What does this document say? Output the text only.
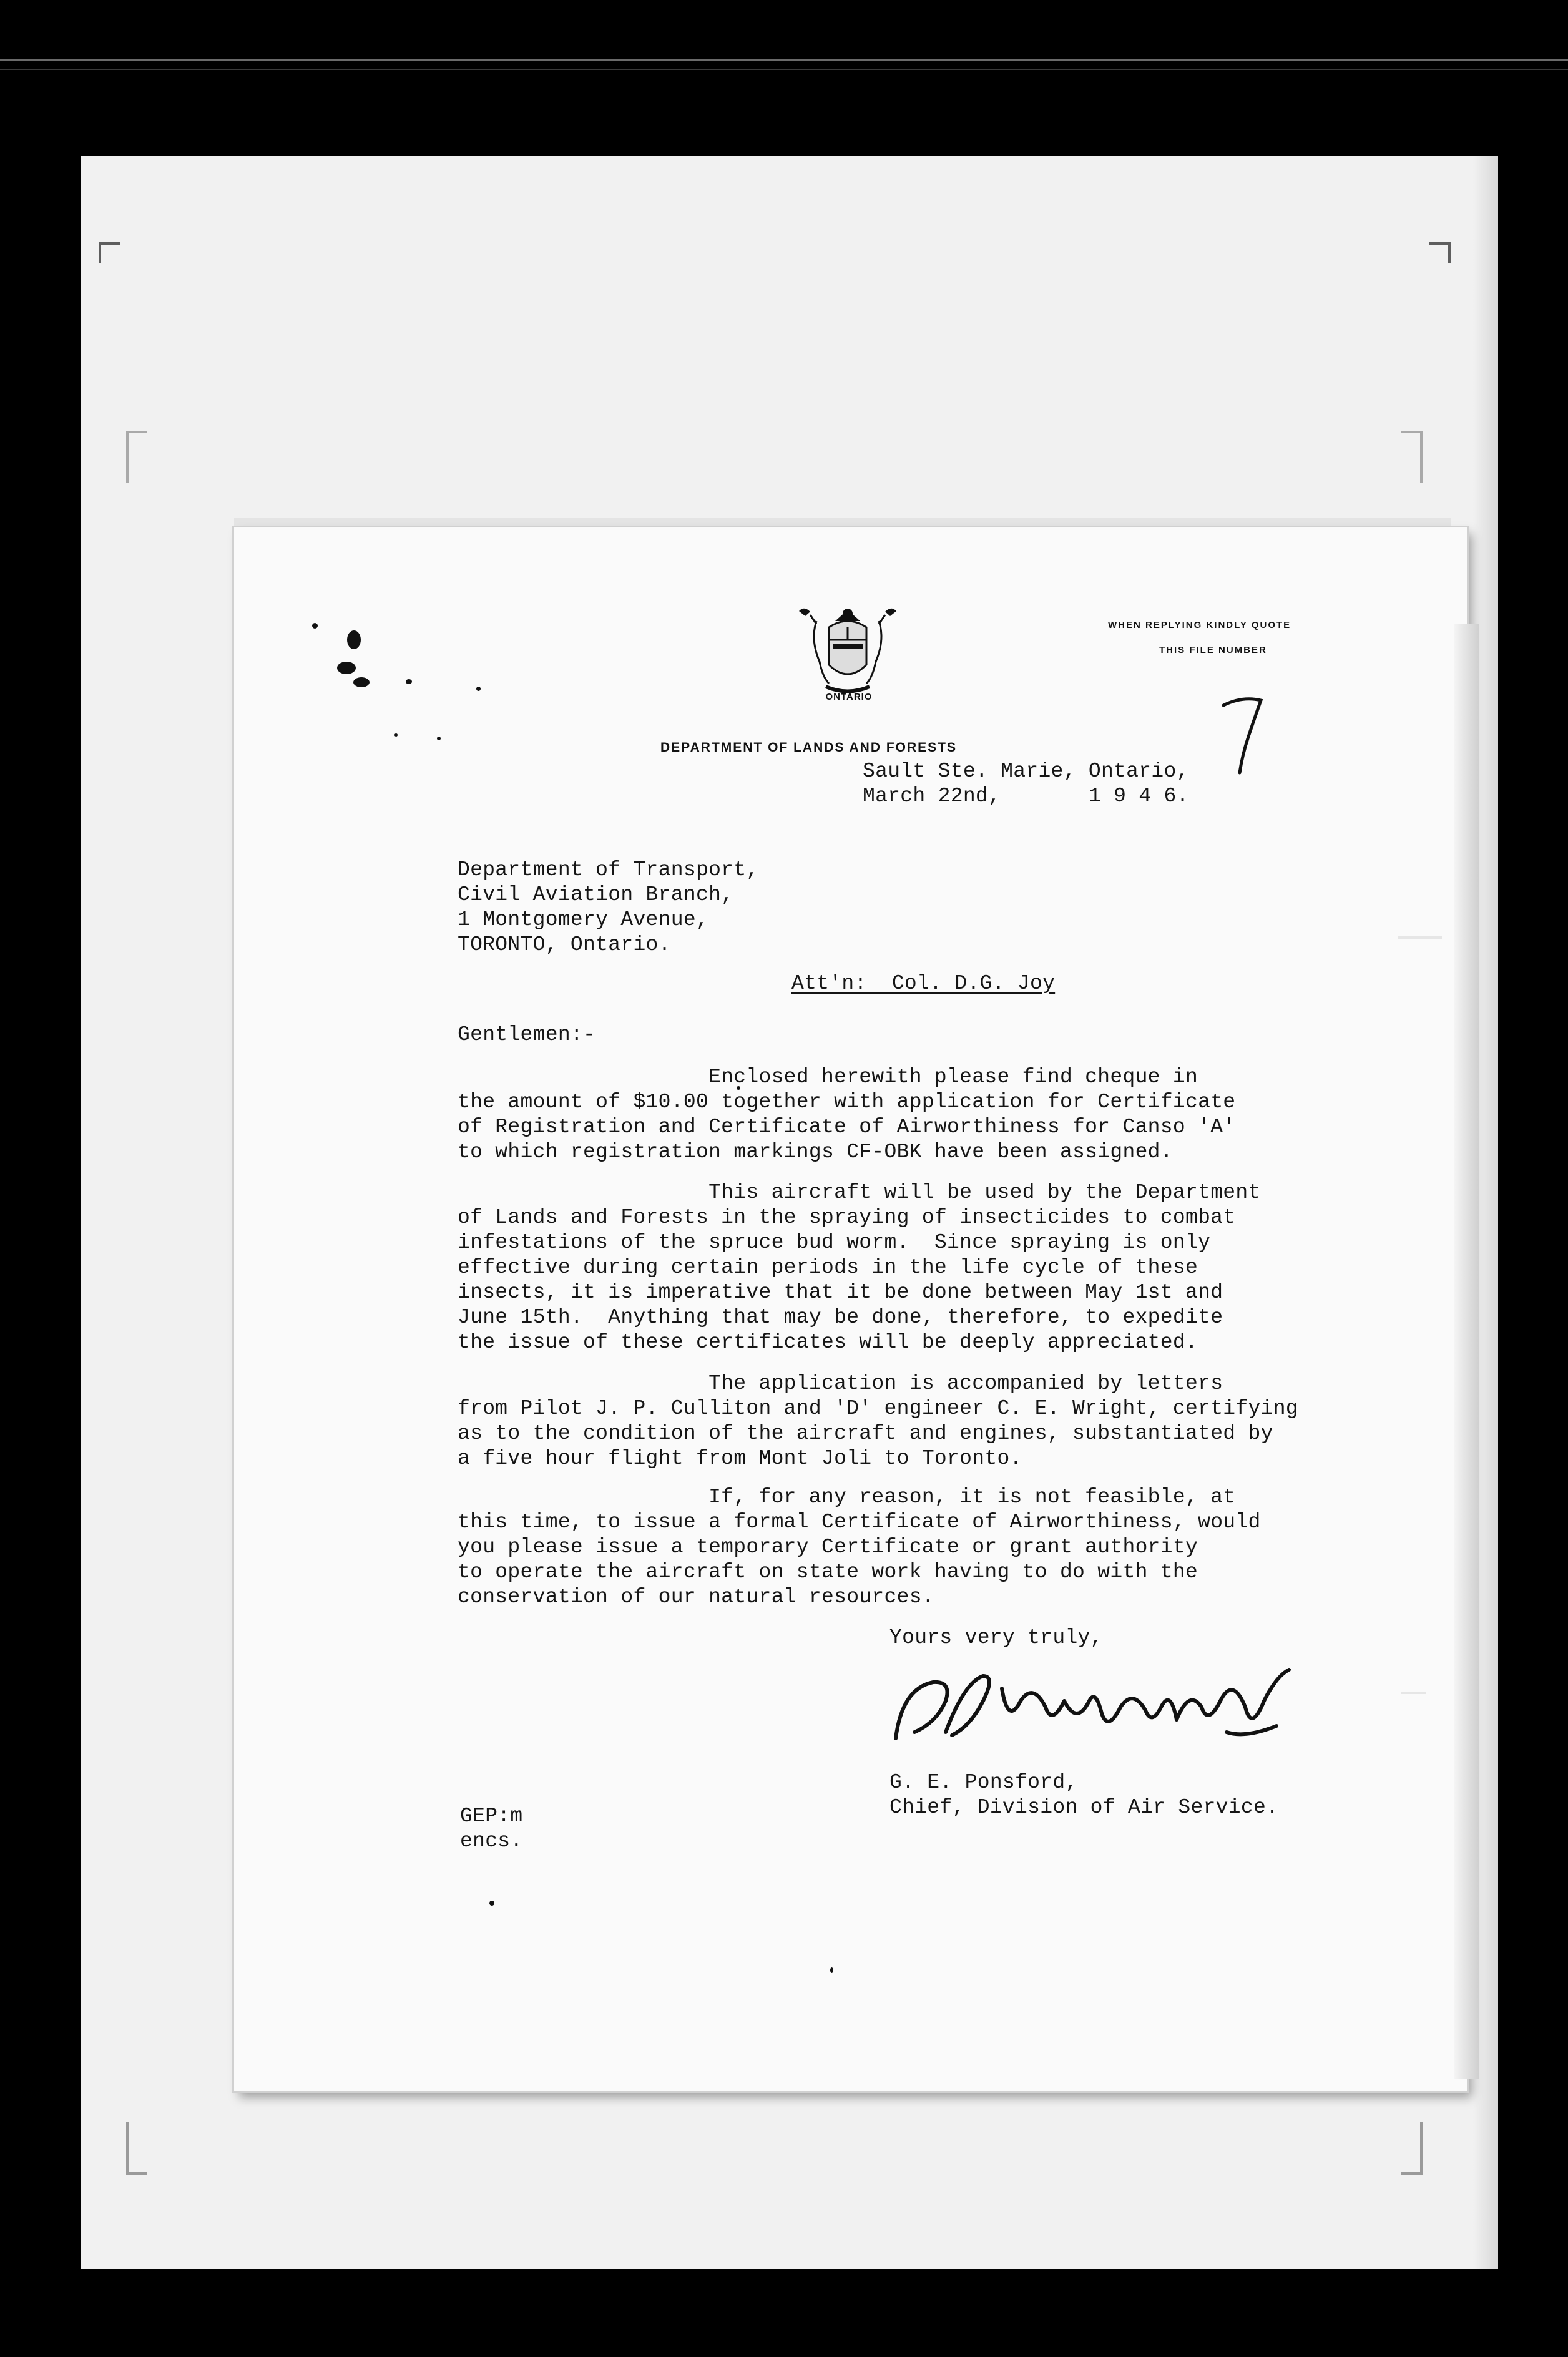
ONTARIO
WHEN REPLYING KINDLY QUOTE
THIS FILE NUMBER
DEPARTMENT OF LANDS AND FORESTS
Sault Ste. Marie, Ontario,
March 22nd,       1 9 4 6.
Department of Transport,
Civil Aviation Branch,
1 Montgomery Avenue,
TORONTO, Ontario.
Att'n:  Col. D.G. Joy
Gentlemen:-
Enclosed herewith please find cheque in
the amount of $10.00 together with application for Certificate
of Registration and Certificate of Airworthiness for Canso 'A'
to which registration markings CF-OBK have been assigned.
This aircraft will be used by the Department
of Lands and Forests in the spraying of insecticides to combat
infestations of the spruce bud worm.  Since spraying is only
effective during certain periods in the life cycle of these
insects, it is imperative that it be done between May 1st and
June 15th.  Anything that may be done, therefore, to expedite
the issue of these certificates will be deeply appreciated.
The application is accompanied by letters
from Pilot J. P. Culliton and 'D' engineer C. E. Wright, certifying
as to the condition of the aircraft and engines, substantiated by
a five hour flight from Mont Joli to Toronto.
If, for any reason, it is not feasible, at
this time, to issue a formal Certificate of Airworthiness, would
you please issue a temporary Certificate or grant authority
to operate the aircraft on state work having to do with the
conservation of our natural resources.
Yours very truly,
G. E. Ponsford,
Chief, Division of Air Service.
GEP:m
encs.
